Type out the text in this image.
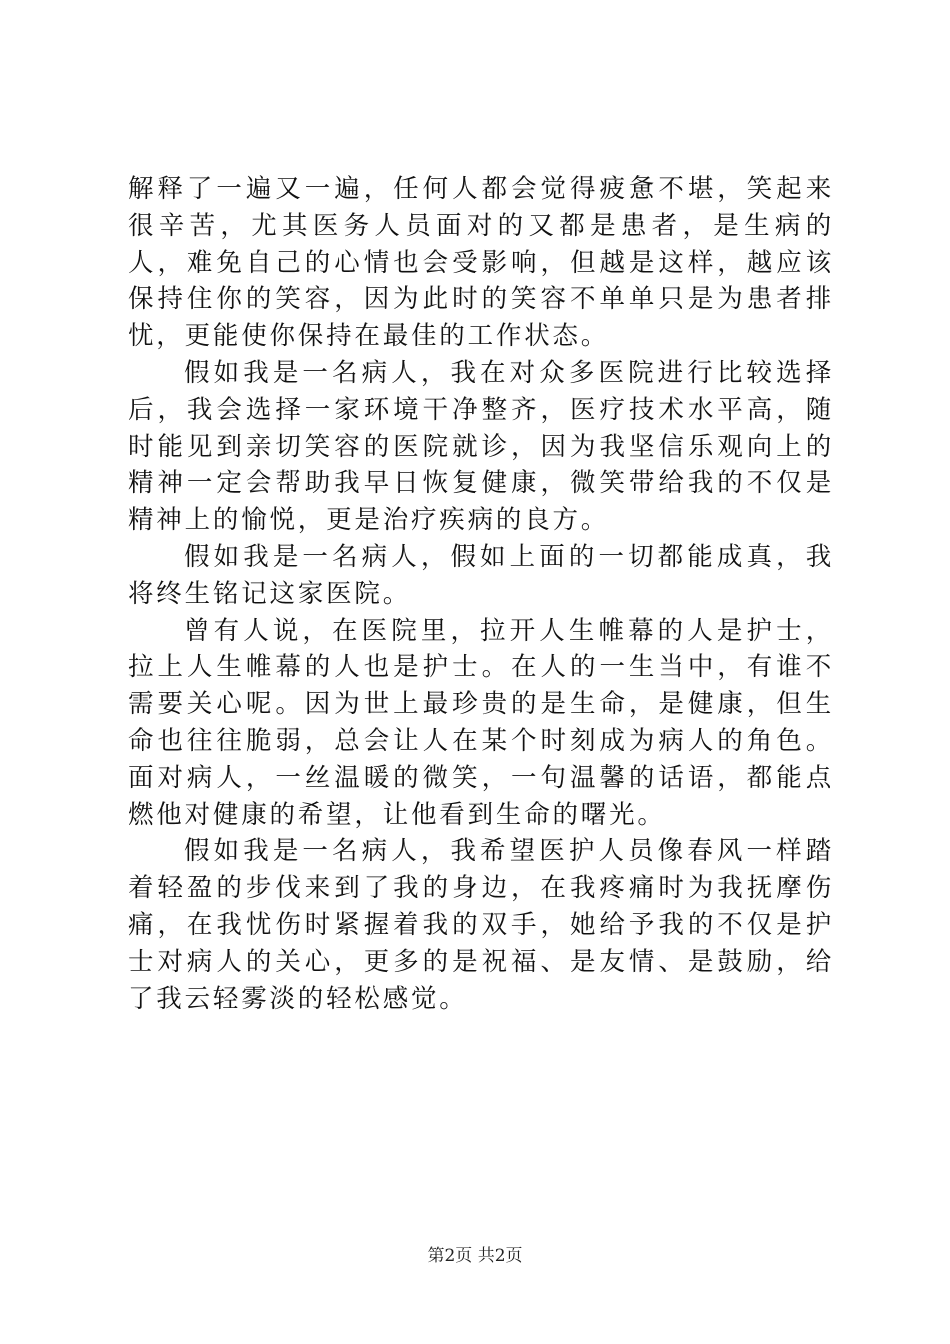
解释了一遍又一遍，任何人都会觉得疲惫不堪，笑起来很辛苦，尤其医务人员面对的又都是患者，是生病的人，难免自己的心情也会受影响，但越是这样，越应该保持住你的笑容，因为此时的笑容不单单只是为患者排忧，更能使你保持在最佳的工作状态。

假如我是一名病人，我在对众多医院进行比较选择后，我会选择一家环境干净整齐，医疗技术水平高，随时能见到亲切笑容的医院就诊，因为我坚信乐观向上的精神一定会帮助我早日恢复健康，微笑带给我的不仅是精神上的愉悦，更是治疗疾病的良方。

假如我是一名病人，假如上面的一切都能成真，我将终生铭记这家医院。

曾有人说，在医院里，拉开人生帷幕的人是护士，拉上人生帷幕的人也是护士。在人的一生当中，有谁不需要关心呢。因为世上最珍贵的是生命，是健康，但生命也往往脆弱，总会让人在某个时刻成为病人的角色。面对病人，一丝温暖的微笑，一句温馨的话语，都能点燃他对健康的希望，让他看到生命的曙光。

假如我是一名病人，我希望医护人员像春风一样踏着轻盈的步伐来到了我的身边，在我疼痛时为我抚摩伤痛，在我忧伤时紧握着我的双手，她给予我的不仅是护士对病人的关心，更多的是祝福、是友情、是鼓励，给了我云轻雾淡的轻松感觉。

第2页 共2页
